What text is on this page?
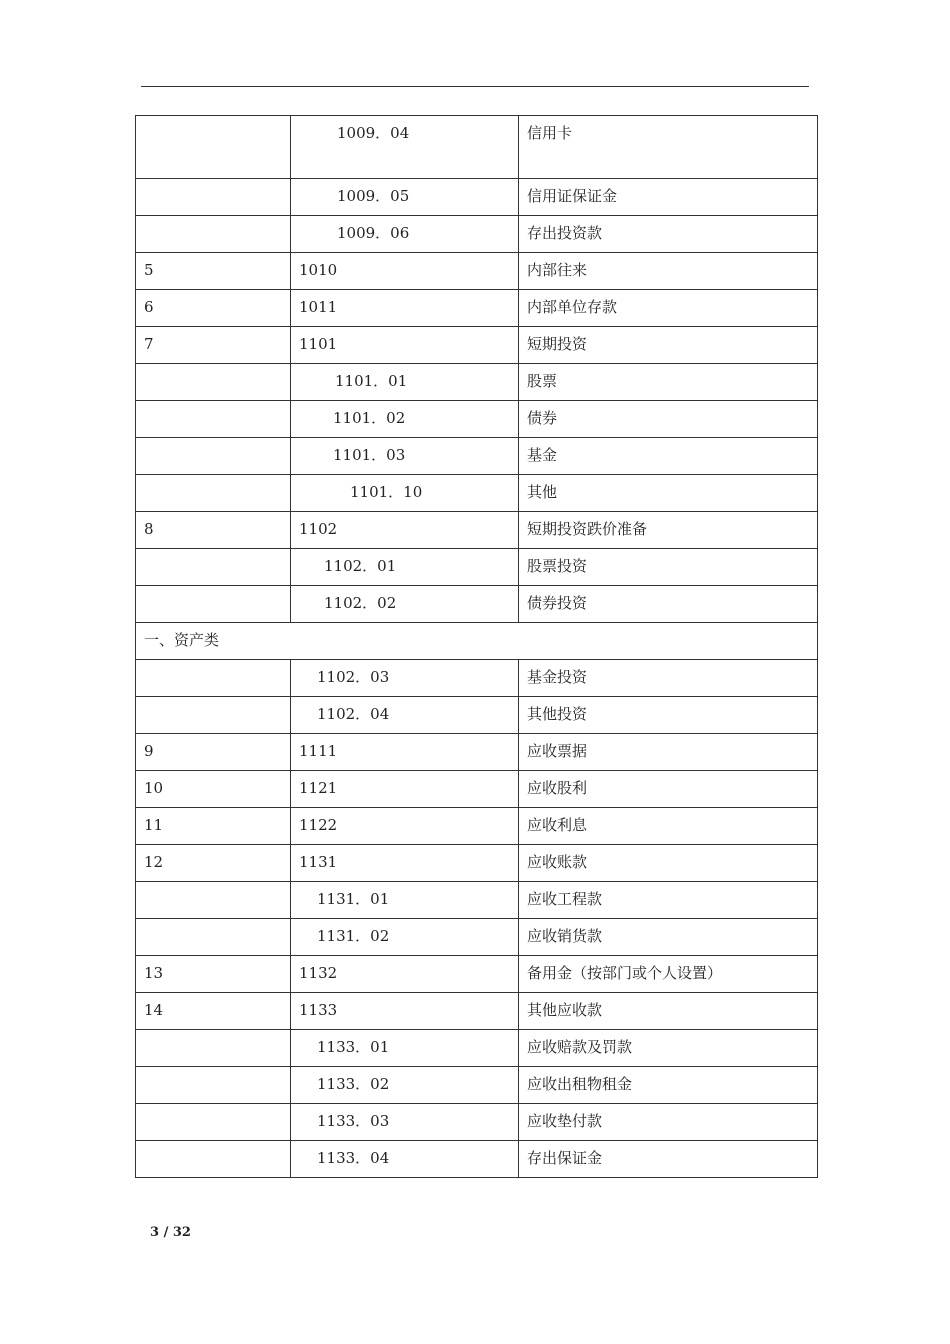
	1009．04	信用卡
	1009．05	信用证保证金
	1009．06	存出投资款
5	1010	内部往来
6	1011	内部单位存款
7	1101	短期投资
	1101．01	股票
	1101．02	债券
	1101．03	基金
	1101．10	其他
8	1102	短期投资跌价准备
	1102．01	股票投资
	1102．02	债券投资
一、资产类		
	1102．03	基金投资
	1102．04	其他投资
9	1111	应收票据
10	1121	应收股利
11	1122	应收利息
12	1131	应收账款
	1131．01	应收工程款
	1131．02	应收销货款
13	1132	备用金（按部门或个人设置）
14	1133	其他应收款
	1133．01	应收赔款及罚款
	1133．02	应收出租物租金
	1133．03	应收垫付款
	1133．04	存出保证金
3 / 32
